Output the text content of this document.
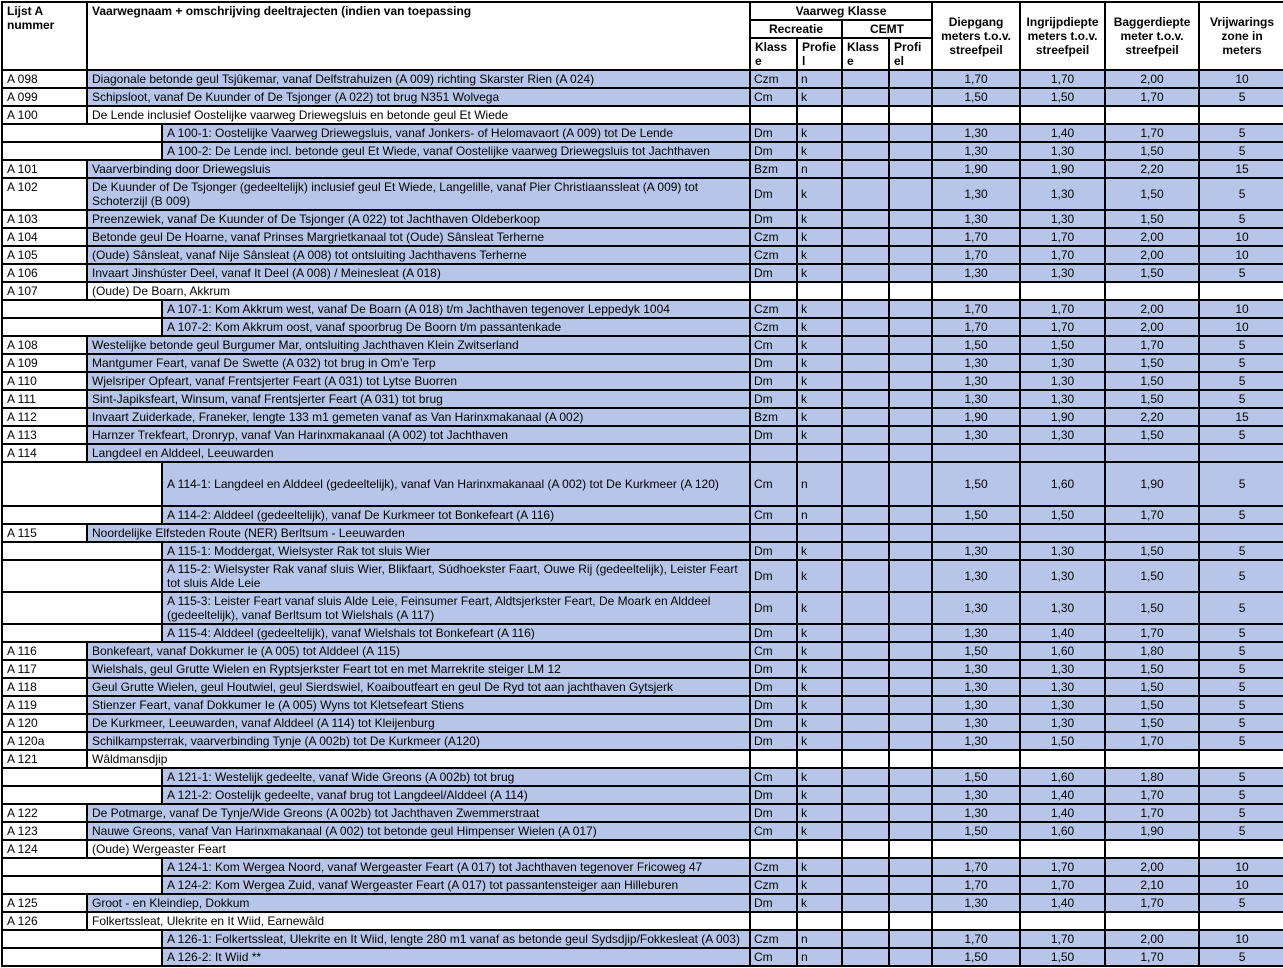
Lijst A nummer	Vaarwegnaam + omschrijving deeltrajecten (indien van toepassing		Vaarweg Klasse				Diepgang meters t.o.v. streefpeil	Ingrijpdiepte meters t.o.v. streefpeil	Baggerdiepte meter t.o.v. streefpeil	Vrijwarings zone in meters
			Recreatie		CEMT					
			Klasse	Profiel	Klasse	Profiel				
A 098	Diagonale betonde geul Tsjûkemar, vanaf Delfstrahuizen (A 009) richting Skarster Rien (A 024)		Czm	n			1,70	1,70	2,00	10
A 099	Schipsloot, vanaf De Kuunder of De Tsjonger (A 022) tot brug N351 Wolvega		Cm	k			1,50	1,50	1,70	5
A 100	De Lende inclusief Oostelijke vaarweg Driewegsluis en betonde geul Et Wiede									
		A 100-1: Oostelijke Vaarweg Driewegsluis, vanaf Jonkers- of Helomavaort (A 009) tot De Lende	Dm	k			1,30	1,40	1,70	5
		A 100-2: De Lende incl. betonde geul Et Wiede, vanaf Oostelijke vaarweg Driewegsluis tot Jachthaven	Dm	k			1,30	1,30	1,50	5
A 101	Vaarverbinding door Driewegsluis		Bzm	n			1,90	1,90	2,20	15
A 102	De Kuunder of De Tsjonger (gedeeltelijk) inclusief geul Et Wiede, Langelille, vanaf Pier Christiaanssleat (A 009) tot Schoterzijl (B 009)		Dm	k			1,30	1,30	1,50	5
A 103	Preenzewiek, vanaf De Kuunder of De Tsjonger (A 022) tot Jachthaven Oldeberkoop		Dm	k			1,30	1,30	1,50	5
A 104	Betonde geul De Hoarne, vanaf Prinses Margrietkanaal tot (Oude) Sânsleat Terherne		Czm	k			1,70	1,70	2,00	10
A 105	(Oude) Sânsleat, vanaf Nije Sânsleat (A 008) tot ontsluiting Jachthavens Terherne		Czm	k			1,70	1,70	2,00	10
A 106	Invaart Jinshúster Deel, vanaf It Deel (A 008) / Meinesleat (A 018)		Dm	k			1,30	1,30	1,50	5
A 107	(Oude) De Boarn, Akkrum									
		A 107-1: Kom Akkrum west, vanaf De Boarn (A 018) t/m Jachthaven tegenover Leppedyk 1004	Czm	k			1,70	1,70	2,00	10
		A 107-2: Kom Akkrum oost, vanaf spoorbrug De Boorn t/m passantenkade	Czm	k			1,70	1,70	2,00	10
A 108	Westelijke betonde geul Burgumer Mar, ontsluiting Jachthaven Klein Zwitserland		Cm	k			1,50	1,50	1,70	5
A 109	Mantgumer Feart, vanaf De Swette (A 032) tot brug in Om'e Terp		Dm	k			1,30	1,30	1,50	5
A 110	Wjelsriper Opfeart, vanaf Frentsjerter Feart (A 031) tot Lytse Buorren		Dm	k			1,30	1,30	1,50	5
A 111	Sint-Japiksfeart, Winsum, vanaf Frentsjerter Feart (A 031) tot brug		Dm	k			1,30	1,30	1,50	5
A 112	Invaart Zuiderkade, Franeker, lengte 133 m1 gemeten vanaf as Van Harinxmakanaal (A 002)		Bzm	k			1,90	1,90	2,20	15
A 113	Harnzer Trekfeart, Dronryp, vanaf Van Harinxmakanaal (A 002) tot Jachthaven		Dm	k			1,30	1,30	1,50	5
A 114	Langdeel en Alddeel, Leeuwarden									
		A 114-1: Langdeel en Alddeel (gedeeltelijk), vanaf Van Harinxmakanaal (A 002) tot De Kurkmeer (A 120)	Cm	n			1,50	1,60	1,90	5
		A 114-2: Alddeel (gedeeltelijk), vanaf De Kurkmeer tot Bonkefeart (A 116)	Cm	n			1,50	1,50	1,70	5
A 115	Noordelijke Elfsteden Route (NER) Berltsum - Leeuwarden									
		A 115-1: Moddergat, Wielsyster Rak tot sluis Wier	Dm	k			1,30	1,30	1,50	5
		A 115-2: Wielsyster Rak vanaf sluis Wier, Blikfaart, Súdhoekster Faart, Ouwe Rij (gedeeltelijk), Leister Feart tot sluis Alde Leie	Dm	k			1,30	1,30	1,50	5
		A 115-3: Leister Feart vanaf sluis Alde Leie, Feinsumer Feart, Aldtsjerkster Feart, De Moark en Alddeel (gedeeltelijk), vanaf Berltsum tot Wielshals (A 117)	Dm	k			1,30	1,30	1,50	5
		A 115-4: Alddeel (gedeeltelijk), vanaf Wielshals tot Bonkefeart (A 116)	Dm	k			1,30	1,40	1,70	5
A 116	Bonkefeart, vanaf Dokkumer Ie (A 005) tot Alddeel (A 115)		Cm	k			1,50	1,60	1,80	5
A 117	Wielshals, geul Grutte Wielen en Ryptsjerkster Feart tot en met Marrekrite steiger LM 12		Dm	k			1,30	1,30	1,50	5
A 118	Geul Grutte Wielen, geul Houtwiel, geul Sierdswiel, Koaiboutfeart en geul De Ryd tot aan jachthaven Gytsjerk		Dm	k			1,30	1,30	1,50	5
A 119	Stienzer Feart, vanaf Dokkumer Ie (A 005) Wyns tot Kletsefeart Stiens		Dm	k			1,30	1,30	1,50	5
A 120	De Kurkmeer, Leeuwarden, vanaf Alddeel (A 114) tot Kleijenburg		Dm	k			1,30	1,30	1,50	5
A 120a	Schilkampsterrak, vaarverbinding Tynje (A 002b) tot De Kurkmeer (A120)		Dm	k			1,30	1,50	1,70	5
A 121	Wâldmansdjip									
		A 121-1: Westelijk gedeelte, vanaf Wide Greons (A 002b) tot brug	Cm	k			1,50	1,60	1,80	5
		A 121-2: Oostelijk gedeelte, vanaf brug tot Langdeel/Alddeel (A 114)	Dm	k			1,30	1,40	1,70	5
A 122	De Potmarge, vanaf De Tynje/Wide Greons (A 002b) tot Jachthaven Zwemmerstraat		Dm	k			1,30	1,40	1,70	5
A 123	Nauwe Greons, vanaf Van Harinxmakanaal (A 002) tot betonde geul Himpenser Wielen (A 017)		Cm	k			1,50	1,60	1,90	5
A 124	(Oude) Wergeaster Feart									
		A 124-1: Kom Wergea Noord, vanaf Wergeaster Feart (A 017) tot Jachthaven tegenover Fricoweg 47	Czm	k			1,70	1,70	2,00	10
		A 124-2: Kom Wergea Zuid, vanaf Wergeaster Feart (A 017) tot passantensteiger aan Hilleburen	Czm	k			1,70	1,70	2,10	10
A 125	Groot - en Kleindiep, Dokkum		Dm	k			1,30	1,40	1,70	5
A 126	Folkertssleat, Ulekrite en It Wiid, Earnewâld									
		A 126-1: Folkertssleat, Ulekrite en It Wiid, lengte 280 m1 vanaf as betonde geul Sydsdjip/Fokkesleat (A 003)	Czm	n			1,70	1,70	2,00	10
		A 126-2: It Wiid **	Cm	n			1,50	1,50	1,70	5
